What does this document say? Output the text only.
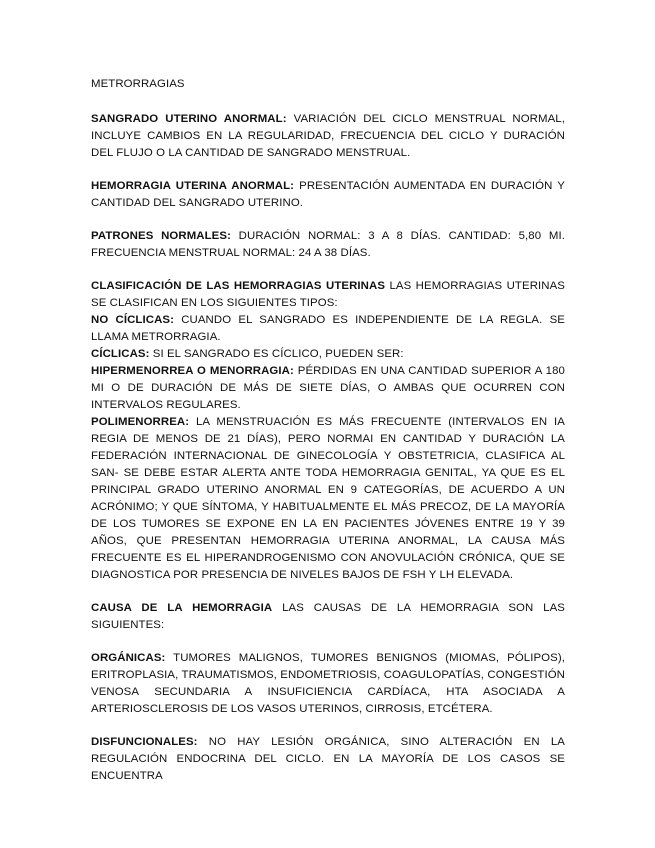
METRORRAGIAS

SANGRADO UTERINO ANORMAL: VARIACIÓN DEL CICLO MENSTRUAL NORMAL, INCLUYE CAMBIOS EN LA REGULARIDAD, FRECUENCIA DEL CICLO Y DURACIÓN DEL FLUJO O LA CANTIDAD DE SANGRADO MENSTRUAL.

HEMORRAGIA UTERINA ANORMAL: PRESENTACIÓN AUMENTADA EN DURACIÓN Y CANTIDAD DEL SANGRADO UTERINO.

PATRONES NORMALES: DURACIÓN NORMAL: 3 A 8 DÍAS. CANTIDAD: 5,80 MI. FRECUENCIA MENSTRUAL NORMAL: 24 A 38 DÍAS.

CLASIFICACIÓN DE LAS HEMORRAGIAS UTERINAS LAS HEMORRAGIAS UTERINAS SE CLASIFICAN EN LOS SIGUIENTES TIPOS:

NO CÍCLICAS: CUANDO EL SANGRADO ES INDEPENDIENTE DE LA REGLA. SE LLAMA METRORRAGIA.

CÍCLICAS: SI EL SANGRADO ES CÍCLICO, PUEDEN SER:

HIPERMENORREA O MENORRAGIA: PÉRDIDAS EN UNA CANTIDAD SUPERIOR A 180 MI O DE DURACIÓN DE MÁS DE SIETE DÍAS, O AMBAS QUE OCURREN CON INTERVALOS REGULARES.

POLIMENORREA: LA MENSTRUACIÓN ES MÁS FRECUENTE (INTERVALOS EN IA REGIA DE MENOS DE 21 DÍAS), PERO NORMAI EN CANTIDAD Y DURACIÓN LA FEDERACIÓN INTERNACIONAL DE GINECOLOGÍA Y OBSTETRICIA, CLASIFICA AL SAN- SE DEBE ESTAR ALERTA ANTE TODA HEMORRAGIA GENITAL, YA QUE ES EL PRINCIPAL GRADO UTERINO ANORMAL EN 9 CATEGORÍAS, DE ACUERDO A UN ACRÓNIMO; Y QUE SÍNTOMA, Y HABITUALMENTE EL MÁS PRECOZ, DE LA MAYORÍA DE LOS TUMORES SE EXPONE EN LA EN PACIENTES JÓVENES ENTRE 19 Y 39 AÑOS, QUE PRESENTAN HEMORRAGIA UTERINA ANORMAL, LA CAUSA MÁS FRECUENTE ES EL HIPERANDROGENISMO CON ANOVULACIÓN CRÓNICA, QUE SE DIAGNOSTICA POR PRESENCIA DE NIVELES BAJOS DE FSH Y LH ELEVADA.

CAUSA DE LA HEMORRAGIA LAS CAUSAS DE LA HEMORRAGIA SON LAS SIGUIENTES:

ORGÁNICAS: TUMORES MALIGNOS, TUMORES BENIGNOS (MIOMAS, PÓLIPOS), ERITROPLASIA, TRAUMATISMOS, ENDOMETRIOSIS, COAGULOPATÍAS, CONGESTIÓN VENOSA SECUNDARIA A INSUFICIENCIA CARDÍACA, HTA ASOCIADA A ARTERIOSCLEROSIS DE LOS VASOS UTERINOS, CIRROSIS, ETCÉTERA.

DISFUNCIONALES: NO HAY LESIÓN ORGÁNICA, SINO ALTERACIÓN EN LA REGULACIÓN ENDOCRINA DEL CICLO. EN LA MAYORÍA DE LOS CASOS SE ENCUENTRA
